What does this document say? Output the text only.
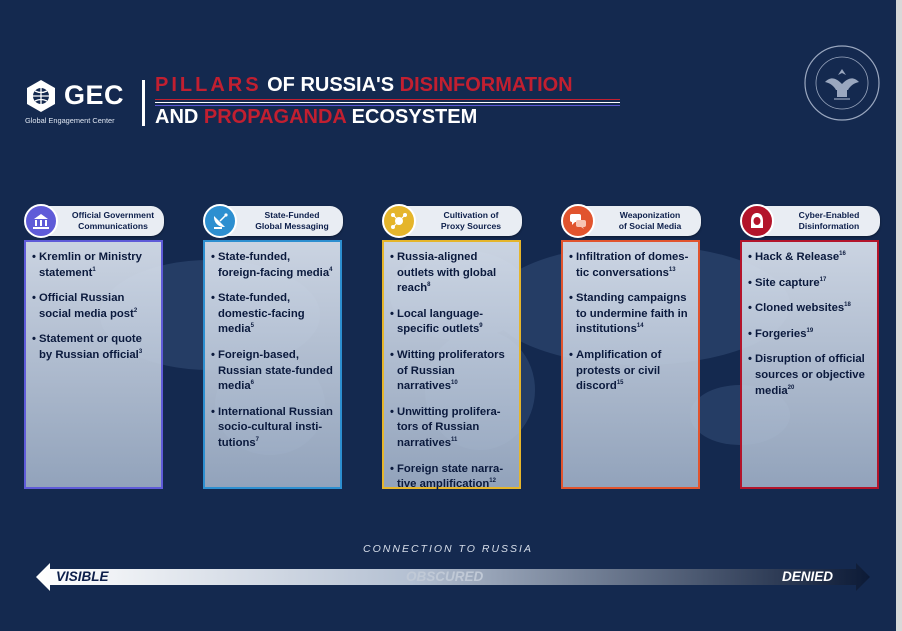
GEC
Global Engagement Center
PILLARS OF RUSSIA'S DISINFORMATION
AND PROPAGANDA ECOSYSTEM
Official Government
Communications
• Kremlin or Ministry statement$^1$
• Official Russian social media post$^2$
• Statement or quote by Russian official$^3$
State-Funded
Global Messaging
• State-funded, foreign-facing media$^4$
• State-funded, domestic-facing media$^5$
• Foreign-based, Russian state-funded media$^6$
• International Russian socio-cultural insti-tutions$^7$
Cultivation of
Proxy Sources
• Russia-aligned outlets with global reach$^8$
• Local language-specific outlets$^9$
• Witting proliferators of Russian narratives$^{10}$
• Unwitting prolifera-tors of Russian narratives$^{11}$
• Foreign state narra-tive amplification$^{12}$
Weaponization
of Social Media
• Infiltration of domes-tic conversations$^{13}$
• Standing campaigns to undermine faith in institutions$^{14}$
• Amplification of protests or civil discord$^{15}$
Cyber-Enabled
Disinformation
• Hack & Release$^{16}$
• Site capture$^{17}$
• Cloned websites$^{18}$
• Forgeries$^{19}$
• Disruption of official sources or objective media$^{20}$
CONNECTION TO RUSSIA
VISIBLE	OBSCURED	DENIED
